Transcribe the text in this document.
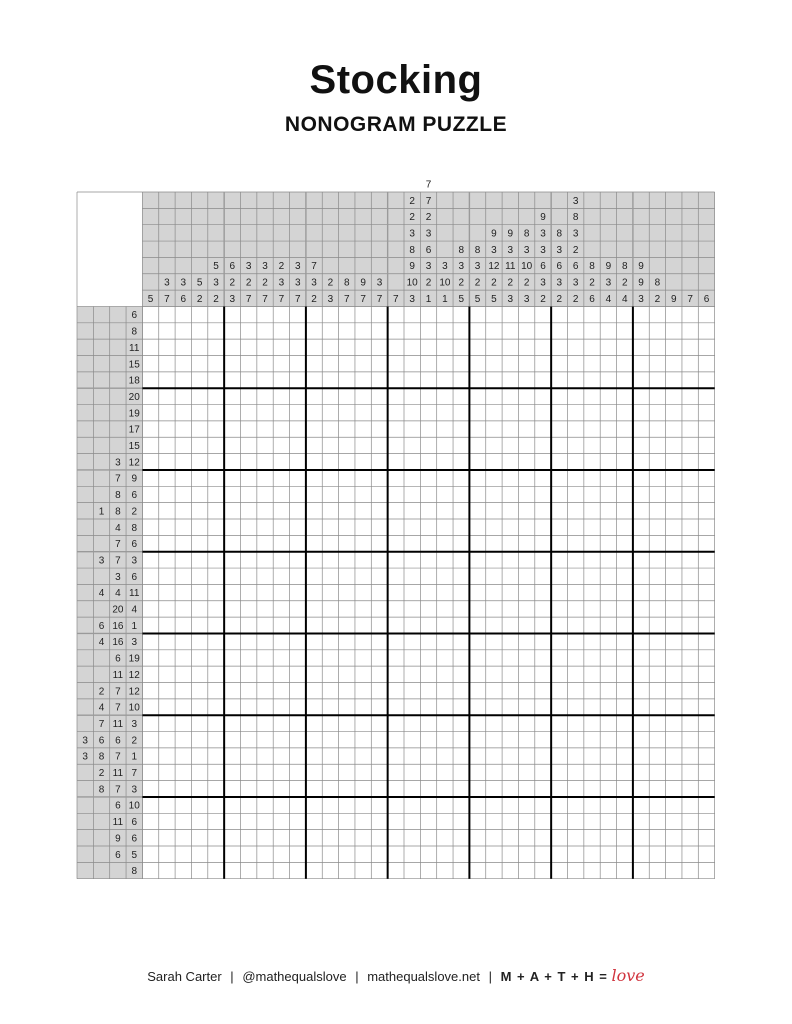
Stocking
NONOGRAM PUZZLE
5
3
7
3
6
5
2
5
3
2
6
2
3
3
2
7
3
2
7
2
3
7
3
3
7
7
3
2
2
3
8
7
9
7
3
7 7
2
2
3
8
9
10
3
7
7
2
3
6
3
2
1
3
10
1
8
3
2
5
8
3
2
5
9
3
12
2
5
9
3
11
2
3
8
3
10
2
3
9
3
3
6
3
2
8
3
6
3
2
3
8
3
2
6
3
2
8
2
6
9
3
4
8
2
4
9
9
3
8
2 9 7 6
6
8
11
15
18
20
19
17
15
3 12
7 9
8 6
1 8 2
4 8
7 6
3 7 3
3 6
4 4 11
20 4
6 16 1
4 16 3
6 19
11 12
2 7 12
4 7 10
7 11 3
3 6 6 2
3 8 7 1
2 11 7
8 7 3
6 10
11 6
9 6
6 5
8
Sarah Carter | @mathequalslove | mathequalslove.net | M + A + T + H = love
